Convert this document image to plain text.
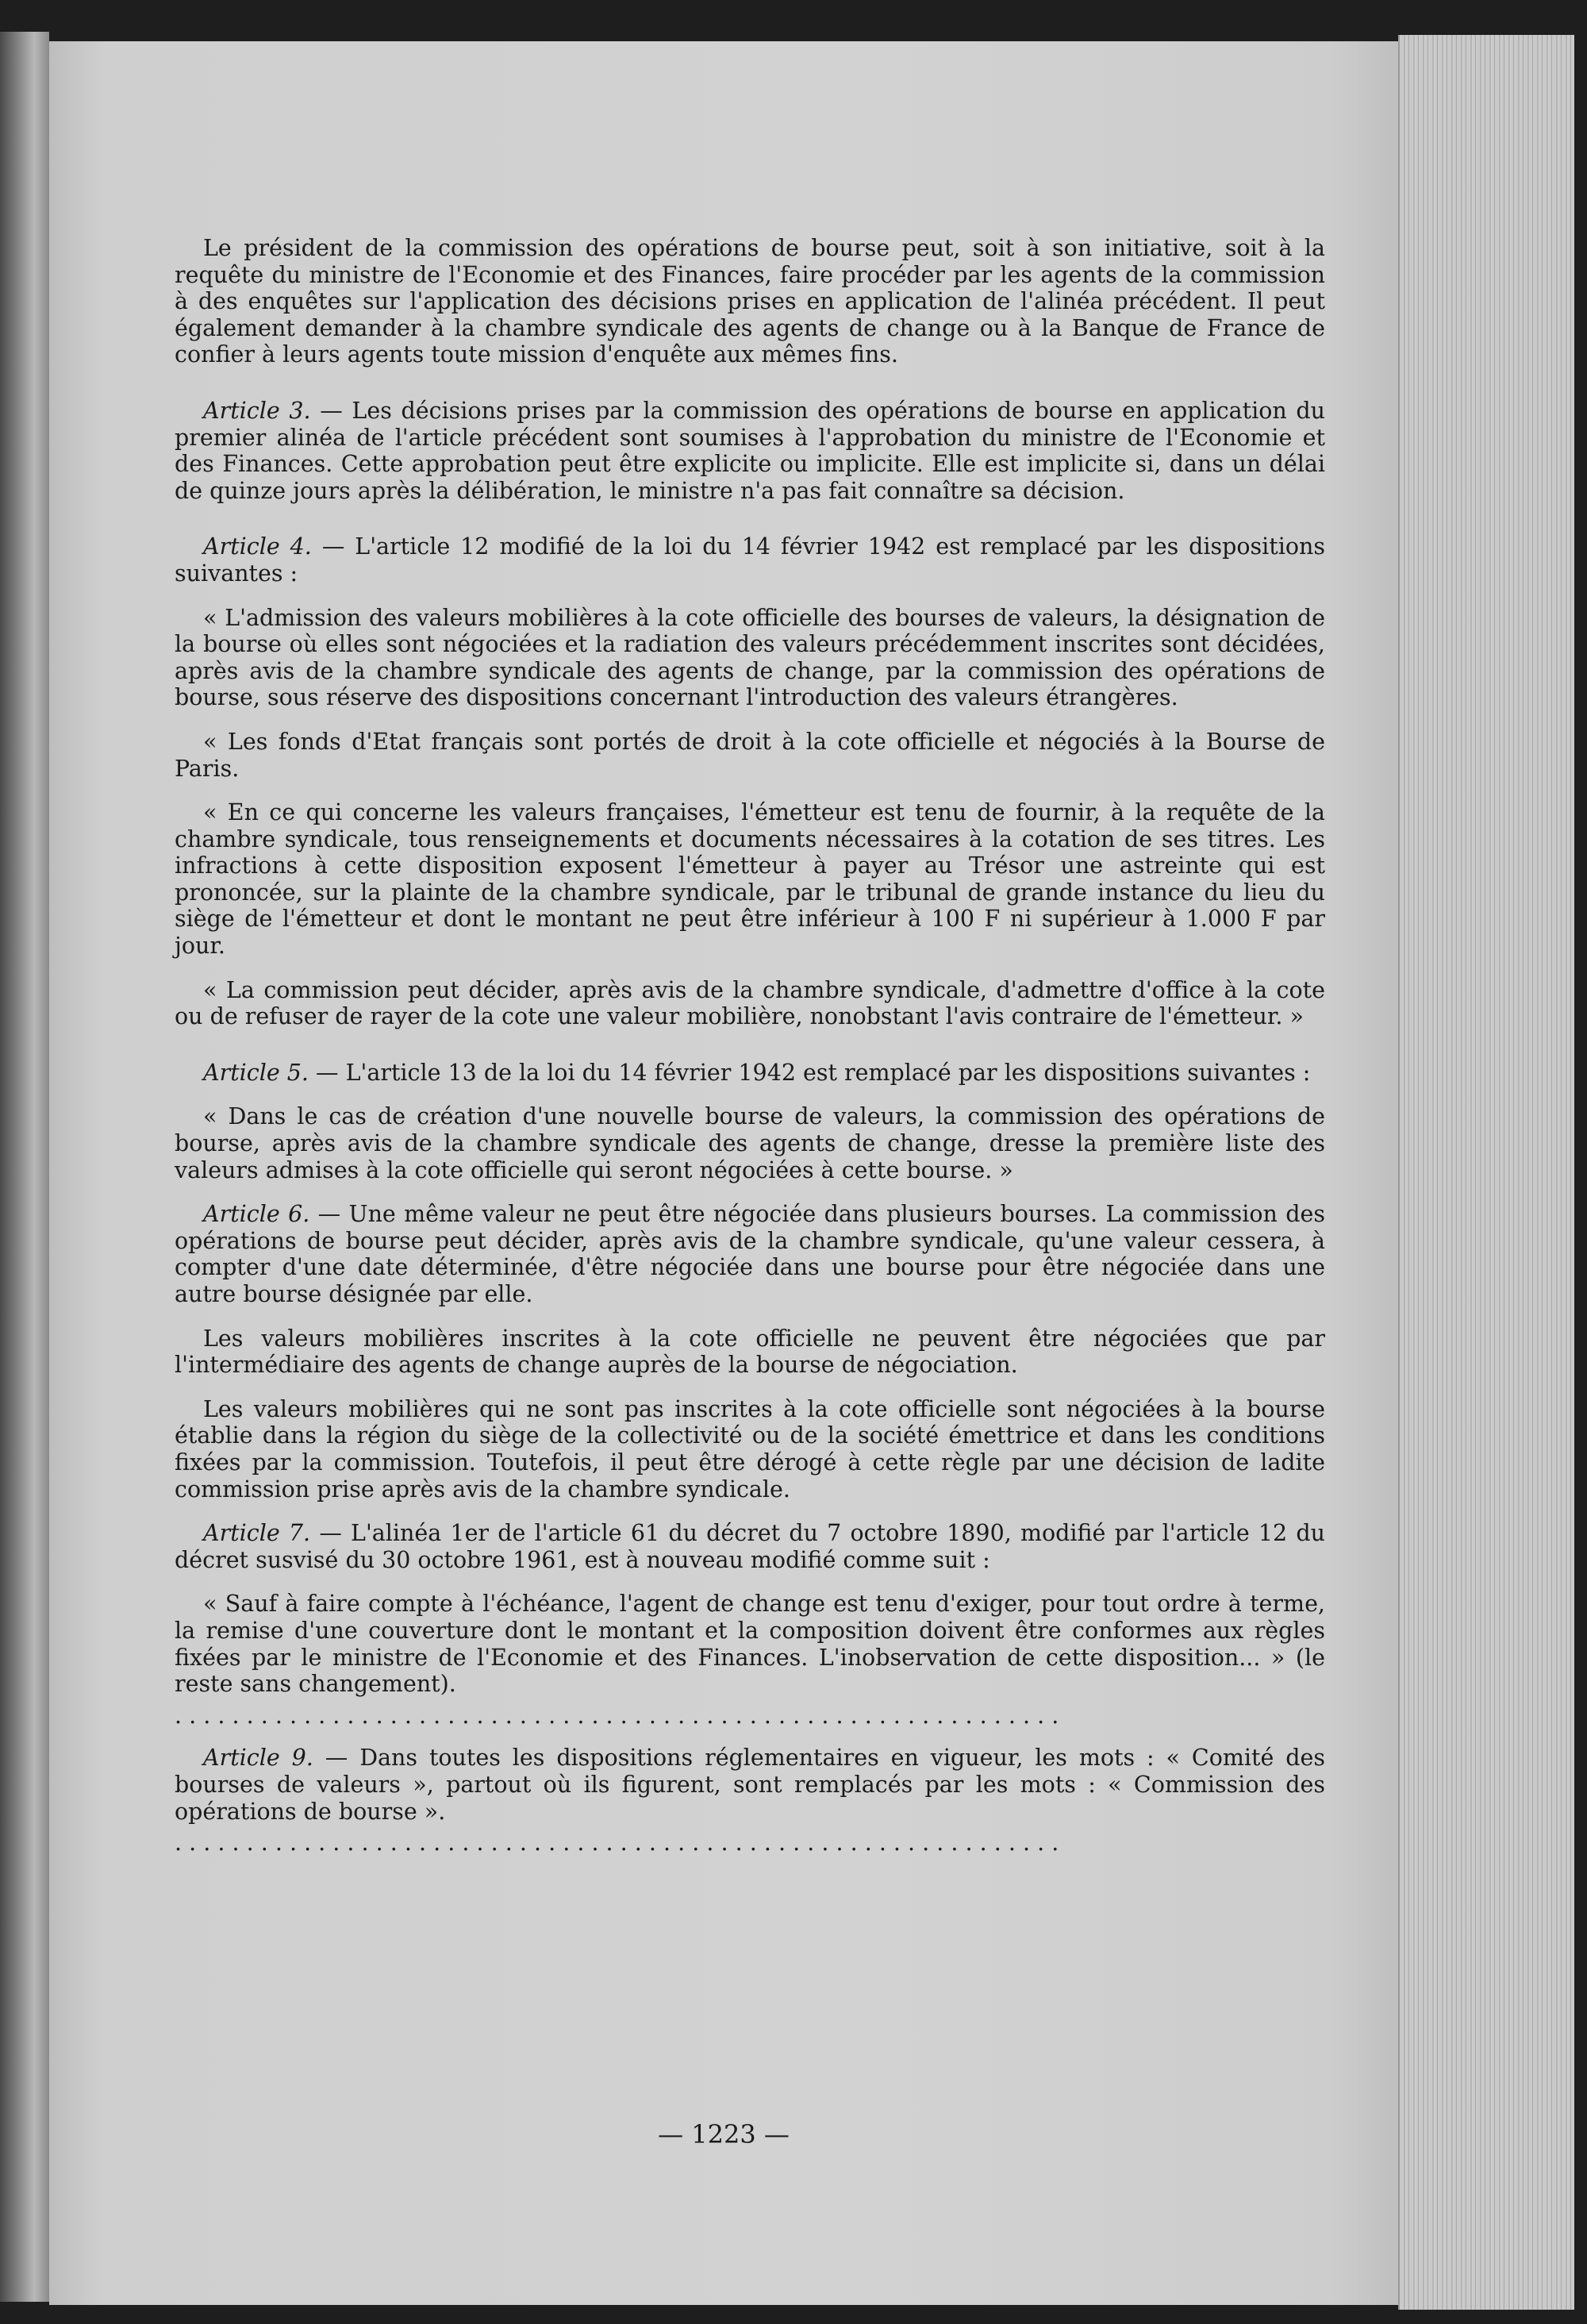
Le président de la commission des opérations de bourse peut, soit à son initiative, soit à la requête du ministre de l'Economie et des Finances, faire procéder par les agents de la commission à des enquêtes sur l'application des décisions prises en application de l'alinéa précédent. Il peut également demander à la chambre syndicale des agents de change ou à la Banque de France de confier à leurs agents toute mission d'enquête aux mêmes fins.

Article 3. — Les décisions prises par la commission des opérations de bourse en application du premier alinéa de l'article précédent sont soumises à l'approbation du ministre de l'Economie et des Finances. Cette approbation peut être explicite ou implicite. Elle est implicite si, dans un délai de quinze jours après la délibération, le ministre n'a pas fait connaître sa décision.

Article 4. — L'article 12 modifié de la loi du 14 février 1942 est remplacé par les dispositions suivantes :

« L'admission des valeurs mobilières à la cote officielle des bourses de valeurs, la désignation de la bourse où elles sont négociées et la radiation des valeurs précédemment inscrites sont décidées, après avis de la chambre syndicale des agents de change, par la commission des opérations de bourse, sous réserve des dispositions concernant l'introduction des valeurs étrangères.

« Les fonds d'Etat français sont portés de droit à la cote officielle et négociés à la Bourse de Paris.

« En ce qui concerne les valeurs françaises, l'émetteur est tenu de fournir, à la requête de la chambre syndicale, tous renseignements et documents nécessaires à la cotation de ses titres. Les infractions à cette disposition exposent l'émetteur à payer au Trésor une astreinte qui est prononcée, sur la plainte de la chambre syndicale, par le tribunal de grande instance du lieu du siège de l'émetteur et dont le montant ne peut être inférieur à 100 F ni supérieur à 1.000 F par jour.

« La commission peut décider, après avis de la chambre syndicale, d'admettre d'office à la cote ou de refuser de rayer de la cote une valeur mobilière, nonobstant l'avis contraire de l'émetteur. »

Article 5. — L'article 13 de la loi du 14 février 1942 est remplacé par les dispositions suivantes :

« Dans le cas de création d'une nouvelle bourse de valeurs, la commission des opérations de bourse, après avis de la chambre syndicale des agents de change, dresse la première liste des valeurs admises à la cote officielle qui seront négociées à cette bourse. »

Article 6. — Une même valeur ne peut être négociée dans plusieurs bourses. La commission des opérations de bourse peut décider, après avis de la chambre syndicale, qu'une valeur cessera, à compter d'une date déterminée, d'être négociée dans une bourse pour être négociée dans une autre bourse désignée par elle.

Les valeurs mobilières inscrites à la cote officielle ne peuvent être négociées que par l'intermédiaire des agents de change auprès de la bourse de négociation.

Les valeurs mobilières qui ne sont pas inscrites à la cote officielle sont négociées à la bourse établie dans la région du siège de la collectivité ou de la société émettrice et dans les conditions fixées par la commission. Toutefois, il peut être dérogé à cette règle par une décision de ladite commission prise après avis de la chambre syndicale.

Article 7. — L'alinéa 1er de l'article 61 du décret du 7 octobre 1890, modifié par l'article 12 du décret susvisé du 30 octobre 1961, est à nouveau modifié comme suit :

« Sauf à faire compte à l'échéance, l'agent de change est tenu d'exiger, pour tout ordre à terme, la remise d'une couverture dont le montant et la composition doivent être conformes aux règles fixées par le ministre de l'Economie et des Finances. L'inobservation de cette disposition... » (le reste sans changement).

. . . . . . . . . . . . . . . . . . . . . . . . . . . . . . . . . . . . . . . . . . . . . . . . . . . . . . . . . . . . . .

Article 9. — Dans toutes les dispositions réglementaires en vigueur, les mots : « Comité des bourses de valeurs », partout où ils figurent, sont remplacés par les mots : « Commission des opérations de bourse ».

. . . . . . . . . . . . . . . . . . . . . . . . . . . . . . . . . . . . . . . . . . . . . . . . . . . . . . . . . . . . . .
— 1223 —
